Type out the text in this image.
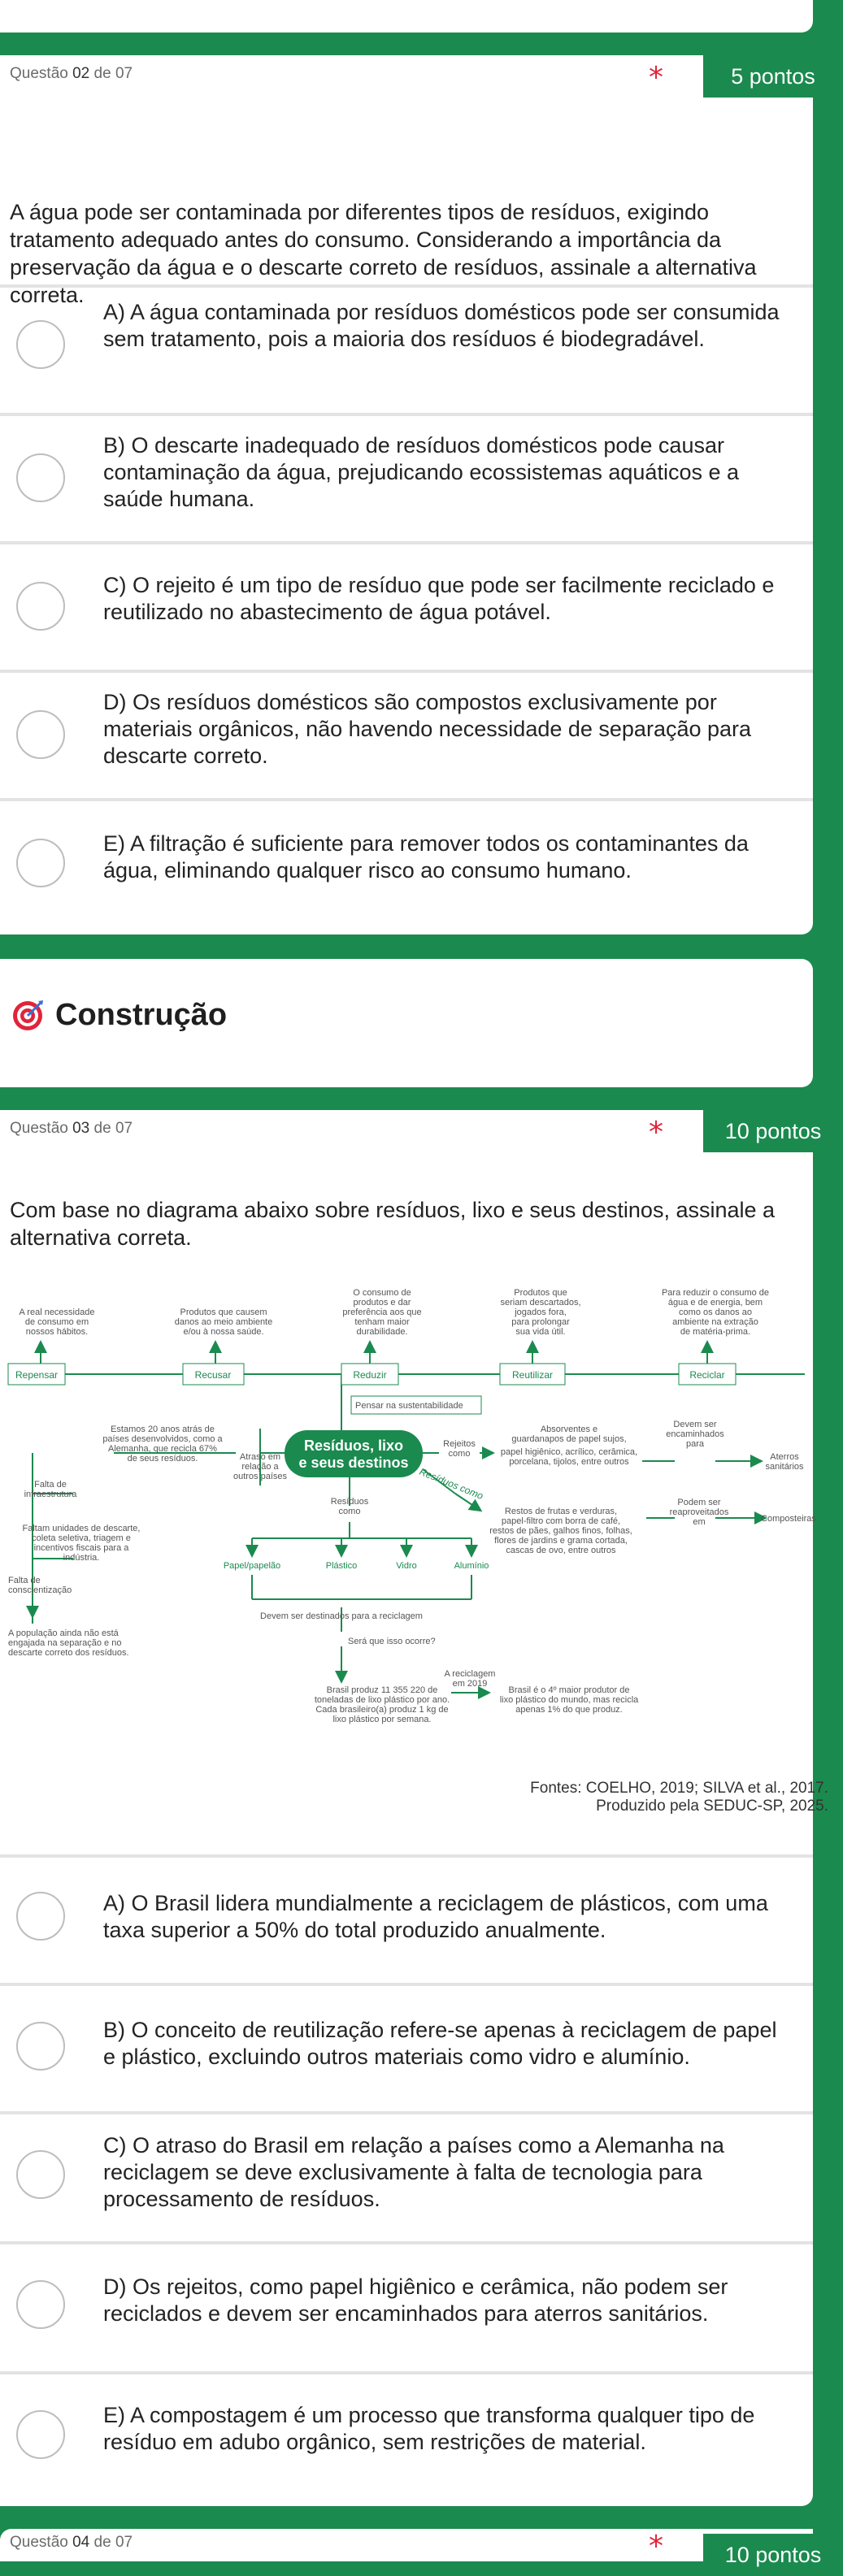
Questão 02 de 07	*	5 pontos
A água pode ser contaminada por diferentes tipos de resíduos, exigindo tratamento adequado antes do consumo. Considerando a importância da preservação da água e o descarte correto de resíduos, assinale a alternativa correta.
A) A água contaminada por resíduos domésticos pode ser consumida sem tratamento, pois a maioria dos resíduos é biodegradável.
B) O descarte inadequado de resíduos domésticos pode causar contaminação da água, prejudicando ecossistemas aquáticos e a saúde humana.
C) O rejeito é um tipo de resíduo que pode ser facilmente reciclado e reutilizado no abastecimento de água potável.
D) Os resíduos domésticos são compostos exclusivamente por materiais orgânicos, não havendo necessidade de separação para descarte correto.
E) A filtração é suficiente para remover todos os contaminantes da água, eliminando qualquer risco ao consumo humano.
Construção
Questão 03 de 07	*	10 pontos
Com base no diagrama abaixo sobre resíduos, lixo e seus destinos, assinale a alternativa correta.
Repensar	Recusar	Reduzir	Reutilizar	Reciclar
A real necessidade
de consumo em
nossos hábitos.
Produtos que causem
danos ao meio ambiente
e/ou à nossa saúde.
O consumo de
produtos e dar
preferência aos que
tenham maior
durabilidade.
Produtos que
seriam descartados,
jogados fora,
para prolongar
sua vida útil.
Para reduzir o consumo de
água e de energia, bem
como os danos ao
ambiente na extração
de matéria-prima.
Pensar na sustentabilidade
Resíduos, lixo
e seus destinos
Estamos 20 anos atrás de
países desenvolvidos, como a
Alemanha, que recicla 67%
de seus resíduos.	Atraso em
relação a
outros países
Falta de
infraestrutura
Faltam unidades de descarte,
coleta seletiva, triagem e
incentivos fiscais para a
indústria.
Falta de
conscientização
A população ainda não está
engajada na separação e no
descarte correto dos resíduos.
Rejeitos
como
Absorventes e
guardanapos de papel sujos,
papel higiênico, acrílico, cerâmica,
porcelana, tijolos, entre outros
Devem ser
encaminhados
para
Aterros
sanitários
Resíduos como
Restos de frutas e verduras,
papel-filtro com borra de café,
restos de pães, galhos finos, folhas,
flores de jardins e grama cortada,
cascas de ovo, entre outros
Podem ser
reaproveitados
em	Composteiras
Resíduos
como
Papel/papelão	Plástico	Vidro	Alumínio
Devem ser destinados para a reciclagem
Será que isso ocorre?
Brasil produz 11 355 220 de
toneladas de lixo plástico por ano.
Cada brasileiro(a) produz 1 kg de
lixo plástico por semana.
A reciclagem
em 2019
Brasil é o 4º maior produtor de
lixo plástico do mundo, mas recicla
apenas 1% do que produz.
Fontes: COELHO, 2019; SILVA et al., 2017.
Produzido pela SEDUC-SP, 2025.
A) O Brasil lidera mundialmente a reciclagem de plásticos, com uma taxa superior a 50% do total produzido anualmente.
B) O conceito de reutilização refere-se apenas à reciclagem de papel e plástico, excluindo outros materiais como vidro e alumínio.
C) O atraso do Brasil em relação a países como a Alemanha na reciclagem se deve exclusivamente à falta de tecnologia para processamento de resíduos.
D) Os rejeitos, como papel higiênico e cerâmica, não podem ser reciclados e devem ser encaminhados para aterros sanitários.
E) A compostagem é um processo que transforma qualquer tipo de resíduo em adubo orgânico, sem restrições de material.
Questão 04 de 07	*	10 pontos
